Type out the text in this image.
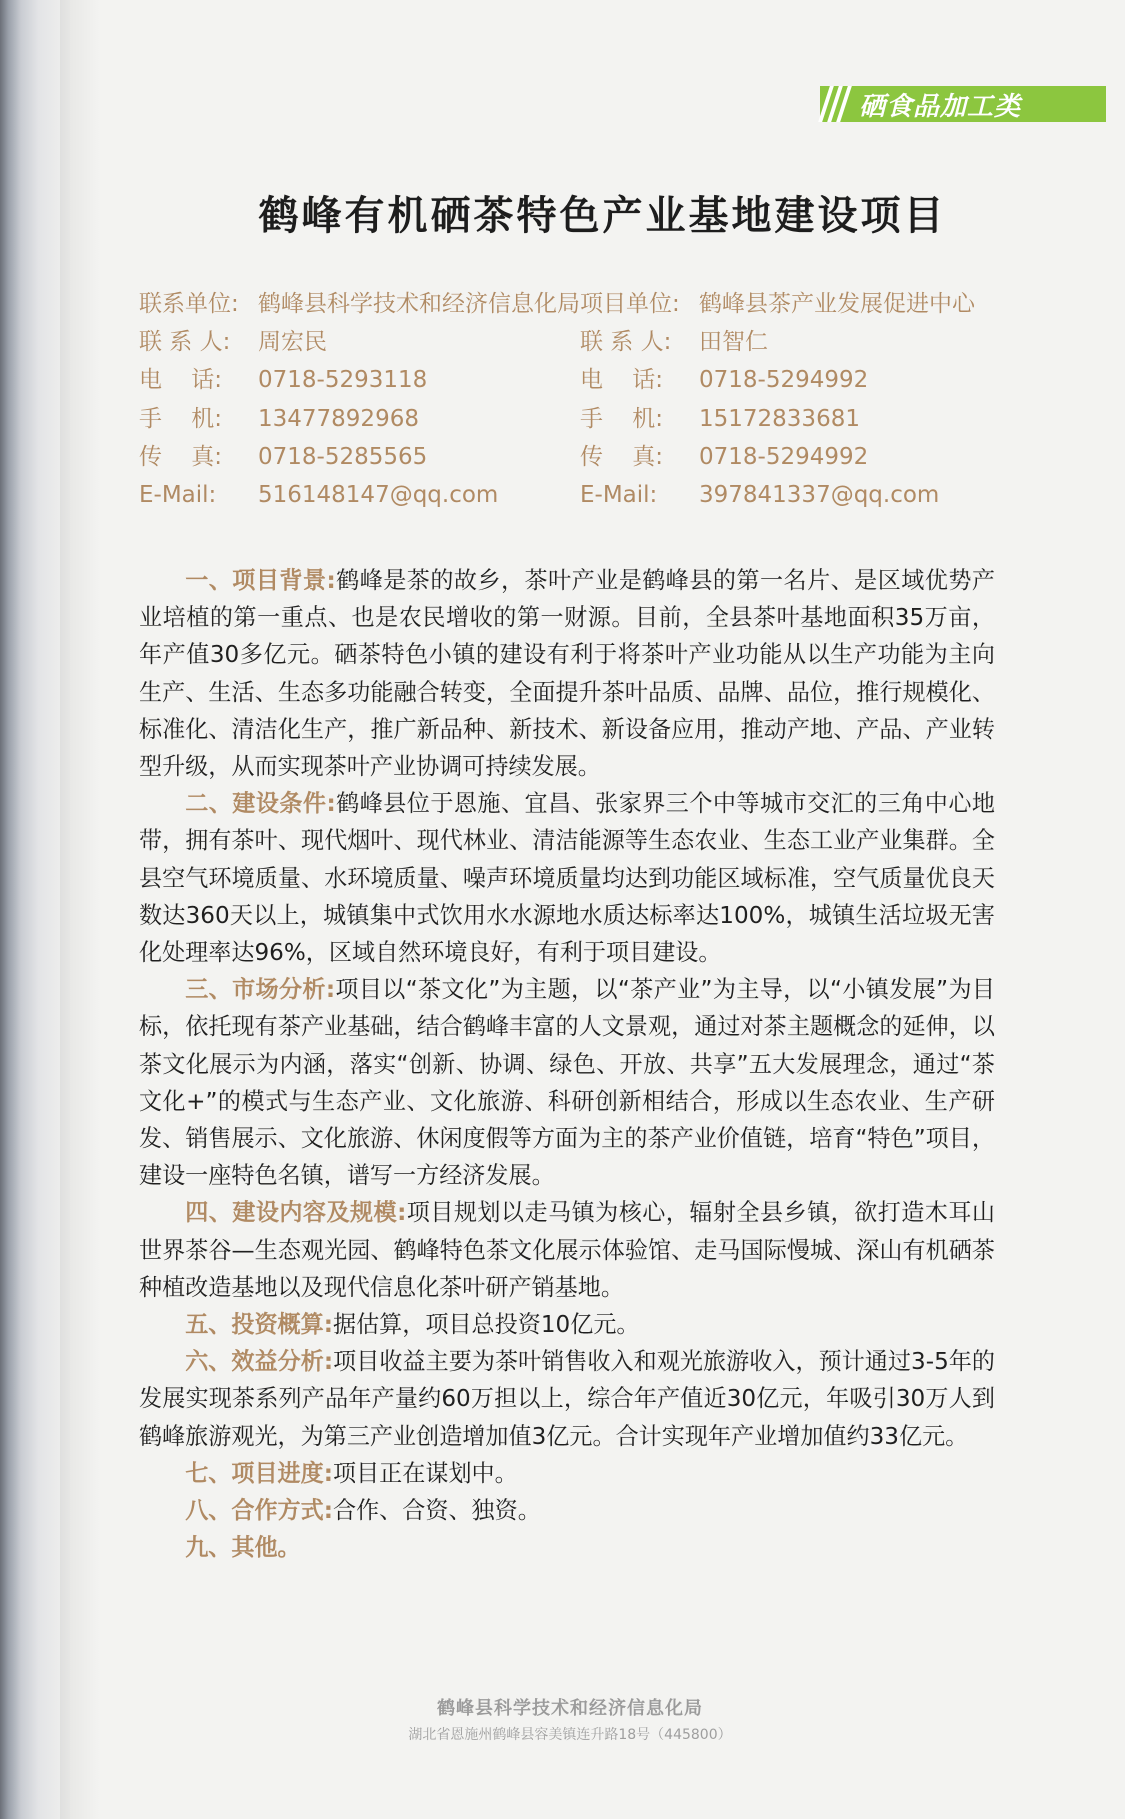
硒食品加工类
鹤峰有机硒茶特色产业基地建设项目
联系单位: 鹤峰县科学技术和经济信息化局
联 系 人: 周宏民
电    话: 0718-5293118
手    机: 13477892968
传    真: 0718-5285565
E-Mail: 516148147@qq.com
项目单位: 鹤峰县茶产业发展促进中心
联 系 人: 田智仁
电    话: 0718-5294992
手    机: 15172833681
传    真: 0718-5294992
E-Mail: 397841337@qq.com

一、项目背景:鹤峰是茶的故乡，茶叶产业是鹤峰县的第一名片、是区域优势产业培植的第一重点、也是农民增收的第一财源。目前，全县茶叶基地面积35万亩，年产值30多亿元。硒茶特色小镇的建设有利于将茶叶产业功能从以生产功能为主向生产、生活、生态多功能融合转变，全面提升茶叶品质、品牌、品位，推行规模化、标准化、清洁化生产，推广新品种、新技术、新设备应用，推动产地、产品、产业转型升级，从而实现茶叶产业协调可持续发展。

二、建设条件:鹤峰县位于恩施、宜昌、张家界三个中等城市交汇的三角中心地带，拥有茶叶、现代烟叶、现代林业、清洁能源等生态农业、生态工业产业集群。全县空气环境质量、水环境质量、噪声环境质量均达到功能区域标准，空气质量优良天数达360天以上，城镇集中式饮用水水源地水质达标率达100%，城镇生活垃圾无害化处理率达96%，区域自然环境良好，有利于项目建设。

三、市场分析:项目以“茶文化”为主题，以“茶产业”为主导，以“小镇发展”为目标，依托现有茶产业基础，结合鹤峰丰富的人文景观，通过对茶主题概念的延伸，以茶文化展示为内涵，落实“创新、协调、绿色、开放、共享”五大发展理念，通过“茶文化+”的模式与生态产业、文化旅游、科研创新相结合，形成以生态农业、生产研发、销售展示、文化旅游、休闲度假等方面为主的茶产业价值链，培育“特色”项目，建设一座特色名镇，谱写一方经济发展。

四、建设内容及规模:项目规划以走马镇为核心，辐射全县乡镇，欲打造木耳山世界茶谷—生态观光园、鹤峰特色茶文化展示体验馆、走马国际慢城、深山有机硒茶种植改造基地以及现代信息化茶叶研产销基地。

五、投资概算:据估算，项目总投资10亿元。

六、效益分析:项目收益主要为茶叶销售收入和观光旅游收入，预计通过3-5年的发展实现茶系列产品年产量约60万担以上，综合年产值近30亿元，年吸引30万人到鹤峰旅游观光，为第三产业创造增加值3亿元。合计实现年产业增加值约33亿元。

七、项目进度:项目正在谋划中。

八、合作方式:合作、合资、独资。

九、其他。

鹤峰县科学技术和经济信息化局
湖北省恩施州鹤峰县容美镇连升路18号（445800）
